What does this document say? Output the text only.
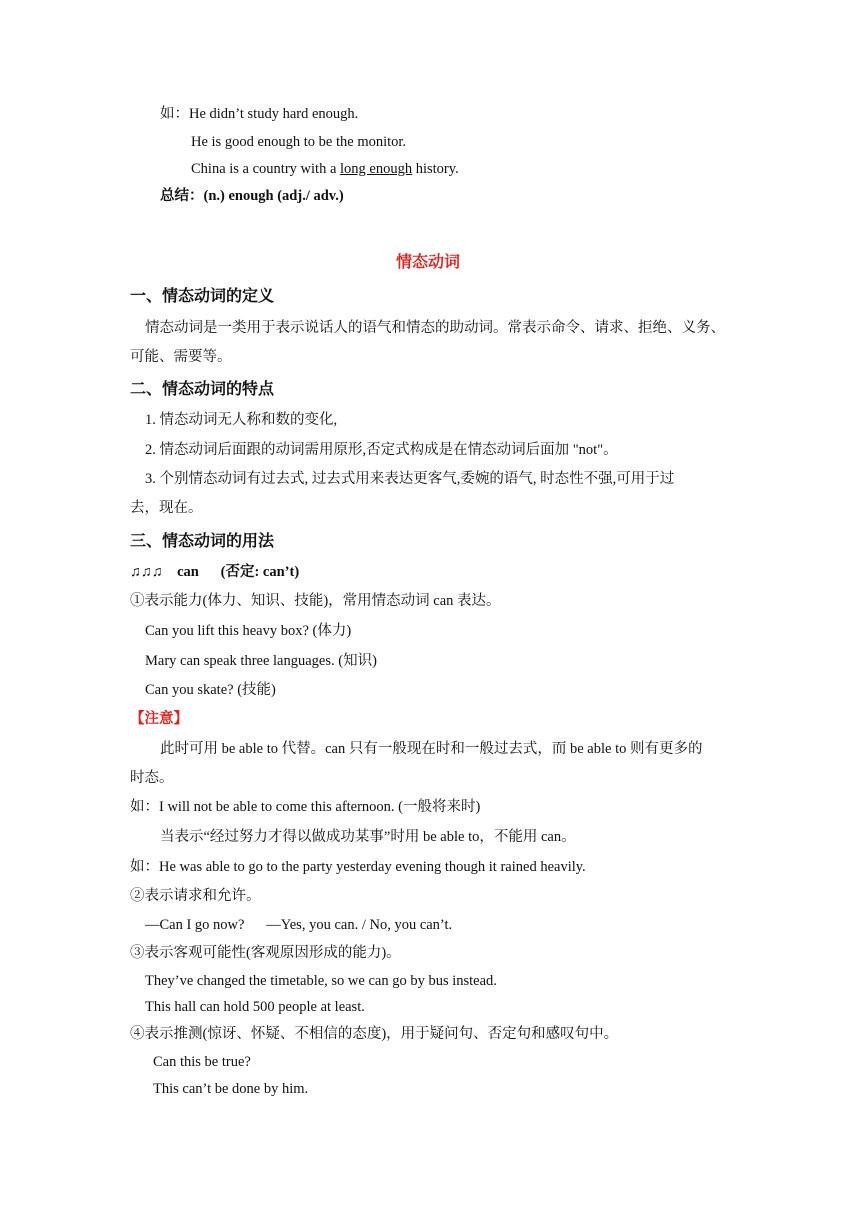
如：He didn’t study hard enough.
He is good enough to be the monitor.
China is a country with a long enough history.
总结：(n.) enough (adj./ adv.)
情态动词
一、情态动词的定义
情态动词是一类用于表示说话人的语气和情态的助动词。常表示命令、请求、拒绝、义务、
可能、需要等。
二、情态动词的特点
1. 情态动词无人称和数的变化,
2. 情态动词后面跟的动词需用原形,否定式构成是在情态动词后面加 "not"。
3. 个别情态动词有过去式, 过去式用来表达更客气,委婉的语气, 时态性不强,可用于过
去，现在。
三、情态动词的用法
♫♫♫    can      (否定: can’t)
①表示能力(体力、知识、技能)，常用情态动词 can 表达。
Can you lift this heavy box? (体力)
Mary can speak three languages. (知识)
Can you skate? (技能)
【注意】
此时可用 be able to 代替。can 只有一般现在时和一般过去式，而 be able to 则有更多的
时态。
如：I will not be able to come this afternoon. (一般将来时)
当表示“经过努力才得以做成功某事”时用 be able to，不能用 can。
如：He was able to go to the party yesterday evening though it rained heavily.
②表示请求和允许。
—Can I go now?      —Yes, you can. / No, you can’t.
③表示客观可能性(客观原因形成的能力)。
They’ve changed the timetable, so we can go by bus instead.
This hall can hold 500 people at least.
④表示推测(惊讶、怀疑、不相信的态度)，用于疑问句、否定句和感叹句中。
Can this be true?
This can’t be done by him.
